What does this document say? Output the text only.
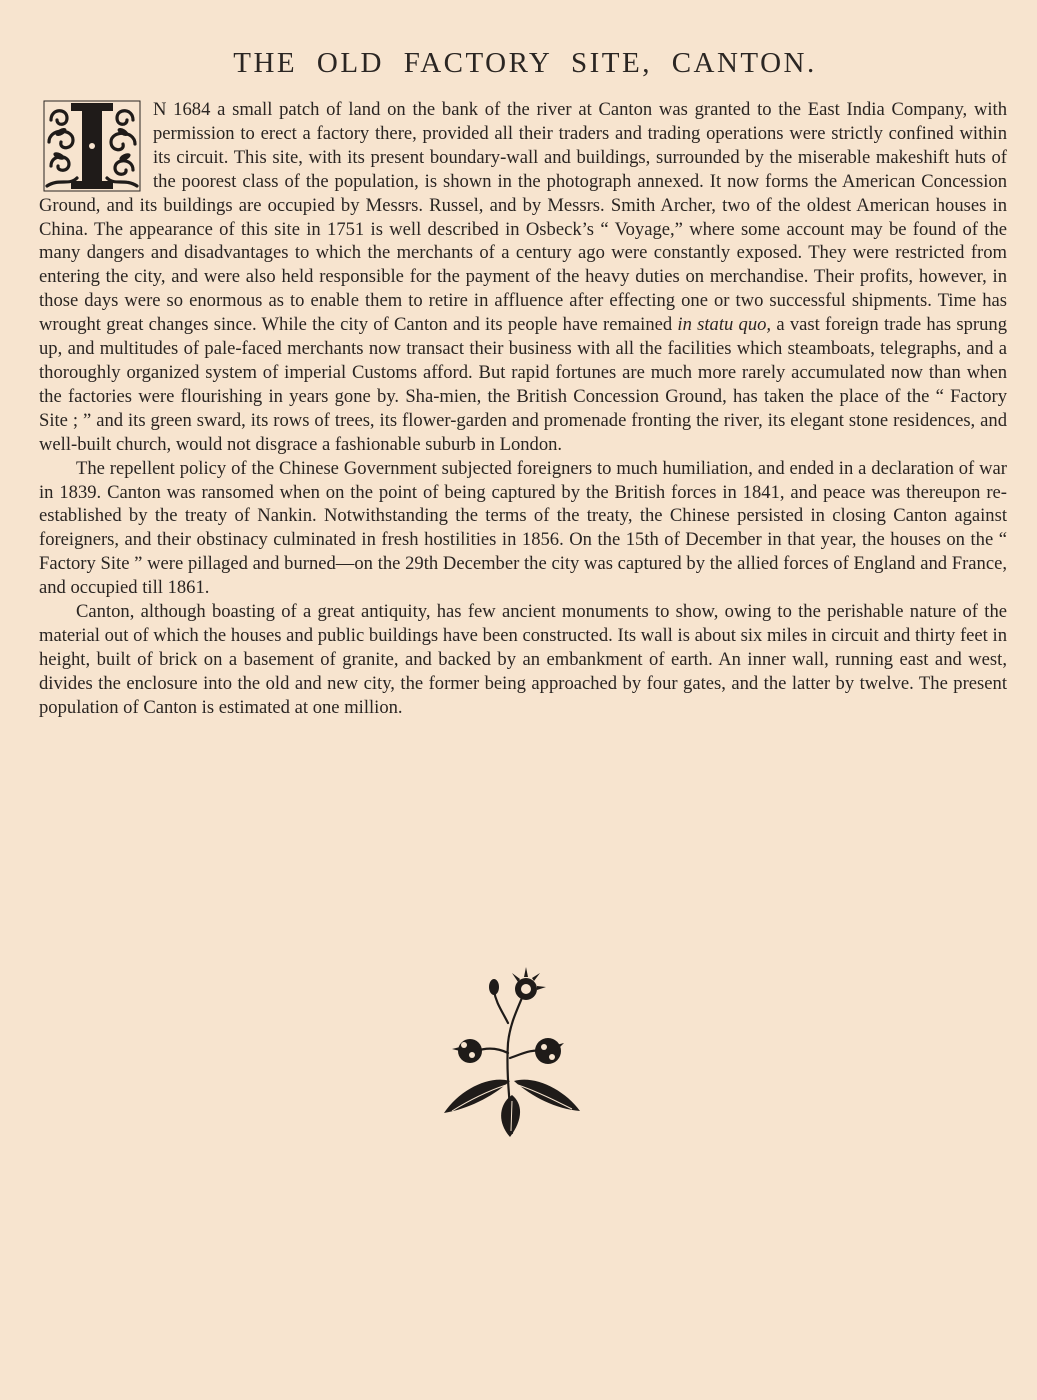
THE OLD FACTORY SITE, CANTON.

N 1684 a small patch of land on the bank of the river at Canton was granted to the East India Company, with permission to erect a factory there, provided all their traders and trading operations were strictly confined within its circuit. This site, with its present boundary-wall and buildings, surrounded by the miserable makeshift huts of the poorest class of the population, is shown in the photograph annexed. It now forms the American Concession Ground, and its buildings are occupied by Messrs. Russel, and by Messrs. Smith Archer, two of the oldest American houses in China. The appearance of this site in 1751 is well described in Osbeck’s “ Voyage,” where some account may be found of the many dangers and disadvantages to which the merchants of a century ago were constantly exposed. They were restricted from entering the city, and were also held responsible for the payment of the heavy duties on merchandise. Their profits, however, in those days were so enormous as to enable them to retire in affluence after effecting one or two successful shipments. Time has wrought great changes since. While the city of Canton and its people have remained in statu quo, a vast foreign trade has sprung up, and multitudes of pale-faced merchants now transact their business with all the facilities which steamboats, telegraphs, and a thoroughly organized system of imperial Customs afford. But rapid fortunes are much more rarely accumulated now than when the factories were flourishing in years gone by. Sha-mien, the British Concession Ground, has taken the place of the “ Factory Site ; ” and its green sward, its rows of trees, its flower-garden and promenade fronting the river, its elegant stone residences, and well-built church, would not disgrace a fashionable suburb in London.

The repellent policy of the Chinese Government subjected foreigners to much humiliation, and ended in a declaration of war in 1839. Canton was ransomed when on the point of being captured by the British forces in 1841, and peace was thereupon re-established by the treaty of Nankin. Notwithstanding the terms of the treaty, the Chinese persisted in closing Canton against foreigners, and their obstinacy culminated in fresh hostilities in 1856. On the 15th of December in that year, the houses on the “ Factory Site ” were pillaged and burned—on the 29th December the city was captured by the allied forces of England and France, and occupied till 1861.

Canton, although boasting of a great antiquity, has few ancient monuments to show, owing to the perishable nature of the material out of which the houses and public buildings have been constructed. Its wall is about six miles in circuit and thirty feet in height, built of brick on a basement of granite, and backed by an embankment of earth. An inner wall, running east and west, divides the enclosure into the old and new city, the former being approached by four gates, and the latter by twelve. The present population of Canton is estimated at one million.
